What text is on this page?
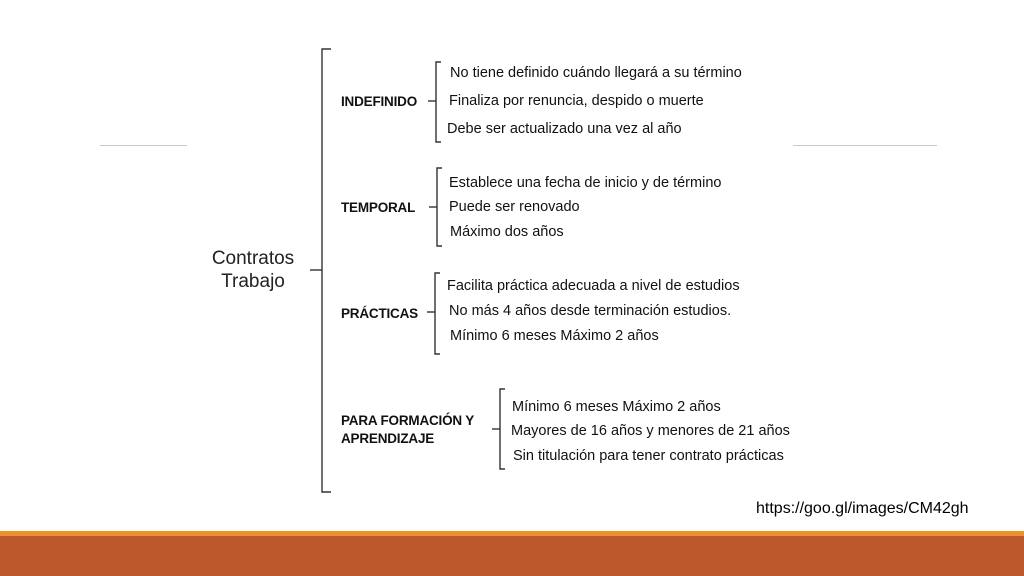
Contratos
Trabajo
INDEFINIDO
No tiene definido cuándo llegará a su término
Finaliza por renuncia, despido o muerte
Debe ser actualizado una vez al año
TEMPORAL
Establece una fecha de inicio y de término
Puede ser renovado
Máximo dos años
PRÁCTICAS
Facilita práctica adecuada a nivel de estudios
No más 4 años desde terminación estudios.
Mínimo 6 meses Máximo 2 años
PARA FORMACIÓN Y
APRENDIZAJE
Mínimo 6 meses Máximo 2 años
Mayores de 16 años y menores de 21 años
Sin titulación para tener contrato prácticas
https://goo.gl/images/CM42gh
